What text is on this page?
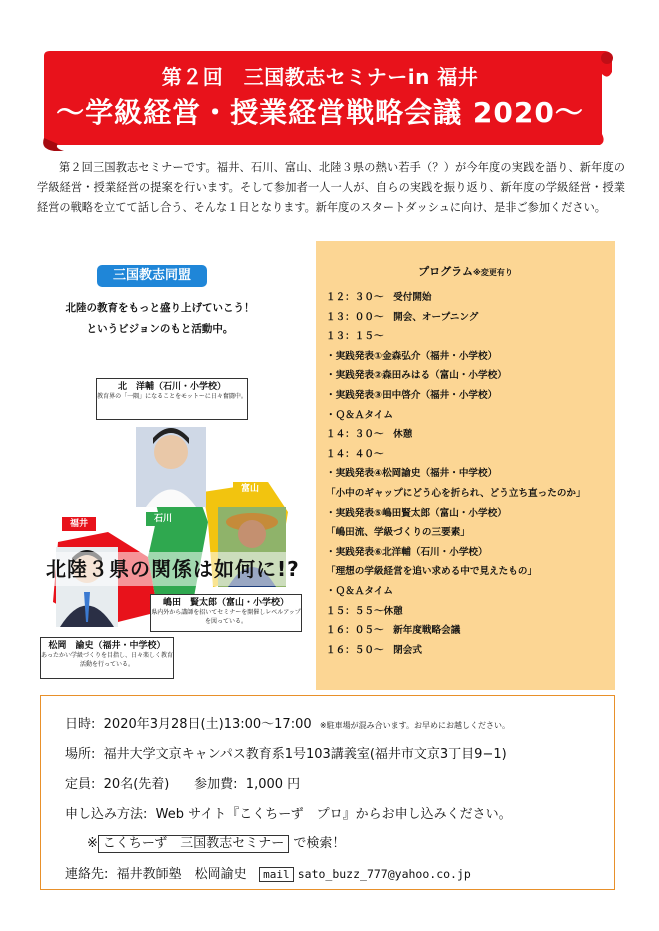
第２回　三国教志セミナーin 福井
～学級経営・授業経営戦略会議 2020～
第２回三国教志セミナーです。福井、石川、富山、北陸３県の熱い若手（？）が今年度の実践を語り、新年度の学級経営・授業経営の提案を行います。そして参加者一人一人が、自らの実践を振り返り、新年度の学級経営・授業経営の戦略を立てて話し合う、そんな１日となります。新年度のスタートダッシュに向け、是非ご参加ください。
三国教志同盟
北陸の教育をもっと盛り上げていこう！
というビジョンのもと活動中。
北陸３県の関係は如何に!?
福井	石川
富山
北　洋輔（石川・小学校）
教育界の「一隅」になることをモットーに日々奮闘中。
嶋田　賢太郎（富山・小学校）
県内外から講師を招いてセミナーを開催しレベルアップを図っている。
松岡　諭史（福井・中学校）
あったかい学級づくりを目指し、日々楽しく教育活動を行っている。
プログラム※変更有り
１２：３０～　受付開始
１３：００～　開会、オープニング
１３：１５～
・実践発表①金森弘介（福井・小学校）
・実践発表②森田みはる（富山・小学校）
・実践発表③田中啓介（福井・小学校）
・Ｑ＆Ａタイム
１４：３０～　休憩
１４：４０～
・実践発表④松岡諭史（福井・中学校）
「小中のギャップにどう心を折られ、どう立ち直ったのか」
・実践発表⑤嶋田賢太郎（富山・小学校）
「嶋田流、学級づくりの三要素」
・実践発表⑥北洋輔（石川・小学校）
「理想の学級経営を追い求める中で見えたもの」
・Ｑ＆Ａタイム
１５：５５～休憩
１６：０５～　新年度戦略会議
１６：５０～　閉会式
日時: 2020年3月28日(土)13:00～17:00 ※駐車場が混み合います。お早めにお越しください。
場所: 福井大学文京キャンパス教育系1号103講義室(福井市文京3丁目9−1)
定員: 20名(先着) 参加費: 1,000 円
申し込み方法: Web サイト『こくちーず　プロ』からお申し込みください。
※ こくちーず　三国教志セミナー で検索！
連絡先: 福井教師塾　松岡諭史 mail sato_buzz_777@yahoo.co.jp
